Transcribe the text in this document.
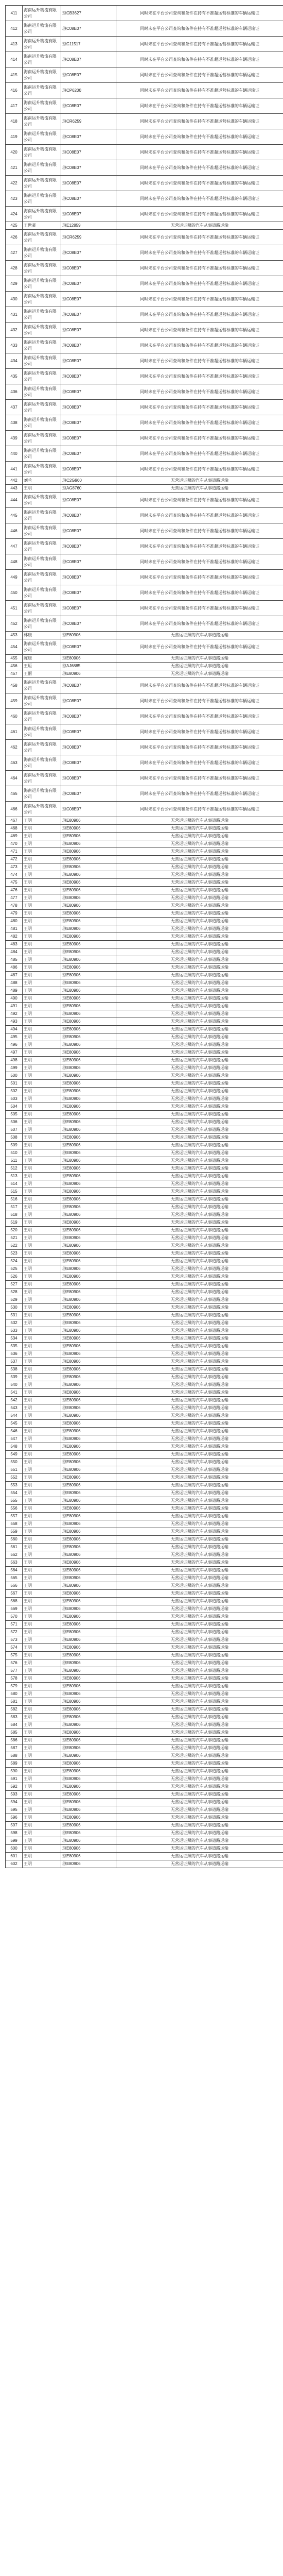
411	海南运升物流有限公司	琼CB3627	同时未在平台公司查询和条件在持有不准超运营标准的车辆运输证
412	海南运升物流有限公司	琼C08E07	同时未在平台公司查询和条件在持有不准超运营标准的车辆运输证
413	海南运升物流有限公司	琼C11517	同时未在平台公司查询和条件在持有不准超运营标准的车辆运输证
414	海南运升物流有限公司	琼C08E07	同时未在平台公司查询和条件在持有不准超运营标准的车辆运输证
415	海南运升物流有限公司	琼C08E07	同时未在平台公司查询和条件在持有不准超运营标准的车辆运输证
416	海南运升物流有限公司	琼CP6200	同时未在平台公司查询和条件在持有不准超运营标准的车辆运输证
417	海南运升物流有限公司	琼C08E07	同时未在平台公司查询和条件在持有不准超运营标准的车辆运输证
418	海南运升物流有限公司	琼CR6259	同时未在平台公司查询和条件在持有不准超运营标准的车辆运输证
419	海南运升物流有限公司	琼C08E07	同时未在平台公司查询和条件在持有不准超运营标准的车辆运输证
420	海南运升物流有限公司	琼C08E07	同时未在平台公司查询和条件在持有不准超运营标准的车辆运输证
421	海南运升物流有限公司	琼C08E07	同时未在平台公司查询和条件在持有不准超运营标准的车辆运输证
422	海南运升物流有限公司	琼C08E07	同时未在平台公司查询和条件在持有不准超运营标准的车辆运输证
423	海南运升物流有限公司	琼C08E07	同时未在平台公司查询和条件在持有不准超运营标准的车辆运输证
424	海南运升物流有限公司	琼C08E07	同时未在平台公司查询和条件在持有不准超运营标准的车辆运输证
425	王世豪	琼E12859	无营运证照的汽车从事道路运输
426	海南运升物流有限公司	琼CR6259	同时未在平台公司查询和条件在持有不准超运营标准的车辆运输证
427	海南运升物流有限公司	琼C08E07	同时未在平台公司查询和条件在持有不准超运营标准的车辆运输证
428	海南运升物流有限公司	琼C08E07	同时未在平台公司查询和条件在持有不准超运营标准的车辆运输证
429	海南运升物流有限公司	琼C08E07	同时未在平台公司查询和条件在持有不准超运营标准的车辆运输证
430	海南运升物流有限公司	琼C08E07	同时未在平台公司查询和条件在持有不准超运营标准的车辆运输证
431	海南运升物流有限公司	琼C08E07	同时未在平台公司查询和条件在持有不准超运营标准的车辆运输证
432	海南运升物流有限公司	琼C08E07	同时未在平台公司查询和条件在持有不准超运营标准的车辆运输证
433	海南运升物流有限公司	琼C08E07	同时未在平台公司查询和条件在持有不准超运营标准的车辆运输证
434	海南运升物流有限公司	琼C08E07	同时未在平台公司查询和条件在持有不准超运营标准的车辆运输证
435	海南运升物流有限公司	琼C08E07	同时未在平台公司查询和条件在持有不准超运营标准的车辆运输证
436	海南运升物流有限公司	琼C08E07	同时未在平台公司查询和条件在持有不准超运营标准的车辆运输证
437	海南运升物流有限公司	琼C08E07	同时未在平台公司查询和条件在持有不准超运营标准的车辆运输证
438	海南运升物流有限公司	琼C08E07	同时未在平台公司查询和条件在持有不准超运营标准的车辆运输证
439	海南运升物流有限公司	琼C08E07	同时未在平台公司查询和条件在持有不准超运营标准的车辆运输证
440	海南运升物流有限公司	琼C08E07	同时未在平台公司查询和条件在持有不准超运营标准的车辆运输证
441	海南运升物流有限公司	琼C08E07	同时未在平台公司查询和条件在持有不准超运营标准的车辆运输证
442	刘兰	琼C2G960	无营运证照的汽车从事道路运输
443	王明	琼AG8760	无营运证照的汽车从事道路运输
444	海南运升物流有限公司	琼C08E07	同时未在平台公司查询和条件在持有不准超运营标准的车辆运输证
445	海南运升物流有限公司	琼C08E07	同时未在平台公司查询和条件在持有不准超运营标准的车辆运输证
446	海南运升物流有限公司	琼C08E07	同时未在平台公司查询和条件在持有不准超运营标准的车辆运输证
447	海南运升物流有限公司	琼C08E07	同时未在平台公司查询和条件在持有不准超运营标准的车辆运输证
448	海南运升物流有限公司	琼C08E07	同时未在平台公司查询和条件在持有不准超运营标准的车辆运输证
449	海南运升物流有限公司	琼C08E07	同时未在平台公司查询和条件在持有不准超运营标准的车辆运输证
450	海南运升物流有限公司	琼C08E07	同时未在平台公司查询和条件在持有不准超运营标准的车辆运输证
451	海南运升物流有限公司	琼C08E07	同时未在平台公司查询和条件在持有不准超运营标准的车辆运输证
452	海南运升物流有限公司	琼C08E07	同时未在平台公司查询和条件在持有不准超运营标准的车辆运输证
453	林康	琼E80906	无营运证照的汽车从事道路运输
454	海南运升物流有限公司	琼C08E07	同时未在平台公司查询和条件在持有不准超运营标准的车辆运输证
455	陈康	琼E80906	无营运证照的汽车从事道路运输
456	王烜	琼AJ6885	无营运证照的汽车从事道路运输
457	王丽	琼E80906	无营运证照的汽车从事道路运输
458	海南运升物流有限公司	琼C08E07	同时未在平台公司查询和条件在持有不准超运营标准的车辆运输证
459	海南运升物流有限公司	琼C08E07	同时未在平台公司查询和条件在持有不准超运营标准的车辆运输证
460	海南运升物流有限公司	琼C08E07	同时未在平台公司查询和条件在持有不准超运营标准的车辆运输证
461	海南运升物流有限公司	琼C08E07	同时未在平台公司查询和条件在持有不准超运营标准的车辆运输证
462	海南运升物流有限公司	琼C08E07	同时未在平台公司查询和条件在持有不准超运营标准的车辆运输证
463	海南运升物流有限公司	琼C08E07	同时未在平台公司查询和条件在持有不准超运营标准的车辆运输证
464	海南运升物流有限公司	琼C08E07	同时未在平台公司查询和条件在持有不准超运营标准的车辆运输证
465	海南运升物流有限公司	琼C08E07	同时未在平台公司查询和条件在持有不准超运营标准的车辆运输证
466	海南运升物流有限公司	琼C08E07	同时未在平台公司查询和条件在持有不准超运营标准的车辆运输证
467	王明	琼E80906	无营运证照的汽车从事道路运输
468	王明	琼E80906	无营运证照的汽车从事道路运输
469	王明	琼E80906	无营运证照的汽车从事道路运输
470	王明	琼E80906	无营运证照的汽车从事道路运输
471	王明	琼E80906	无营运证照的汽车从事道路运输
472	王明	琼E80906	无营运证照的汽车从事道路运输
473	王明	琼E80906	无营运证照的汽车从事道路运输
474	王明	琼E80906	无营运证照的汽车从事道路运输
475	王明	琼E80906	无营运证照的汽车从事道路运输
476	王明	琼E80906	无营运证照的汽车从事道路运输
477	王明	琼E80906	无营运证照的汽车从事道路运输
478	王明	琼E80906	无营运证照的汽车从事道路运输
479	王明	琼E80906	无营运证照的汽车从事道路运输
480	王明	琼E80906	无营运证照的汽车从事道路运输
481	王明	琼E80906	无营运证照的汽车从事道路运输
482	王明	琼E80906	无营运证照的汽车从事道路运输
483	王明	琼E80906	无营运证照的汽车从事道路运输
484	王明	琼E80906	无营运证照的汽车从事道路运输
485	王明	琼E80906	无营运证照的汽车从事道路运输
486	王明	琼E80906	无营运证照的汽车从事道路运输
487	王明	琼E80906	无营运证照的汽车从事道路运输
488	王明	琼E80906	无营运证照的汽车从事道路运输
489	王明	琼E80906	无营运证照的汽车从事道路运输
490	王明	琼E80906	无营运证照的汽车从事道路运输
491	王明	琼E80906	无营运证照的汽车从事道路运输
492	王明	琼E80906	无营运证照的汽车从事道路运输
493	王明	琼E80906	无营运证照的汽车从事道路运输
494	王明	琼E80906	无营运证照的汽车从事道路运输
495	王明	琼E80906	无营运证照的汽车从事道路运输
496	王明	琼E80906	无营运证照的汽车从事道路运输
497	王明	琼E80906	无营运证照的汽车从事道路运输
498	王明	琼E80906	无营运证照的汽车从事道路运输
499	王明	琼E80906	无营运证照的汽车从事道路运输
500	王明	琼E80906	无营运证照的汽车从事道路运输
501	王明	琼E80906	无营运证照的汽车从事道路运输
502	王明	琼E80906	无营运证照的汽车从事道路运输
503	王明	琼E80906	无营运证照的汽车从事道路运输
504	王明	琼E80906	无营运证照的汽车从事道路运输
505	王明	琼E80906	无营运证照的汽车从事道路运输
506	王明	琼E80906	无营运证照的汽车从事道路运输
507	王明	琼E80906	无营运证照的汽车从事道路运输
508	王明	琼E80906	无营运证照的汽车从事道路运输
509	王明	琼E80906	无营运证照的汽车从事道路运输
510	王明	琼E80906	无营运证照的汽车从事道路运输
511	王明	琼E80906	无营运证照的汽车从事道路运输
512	王明	琼E80906	无营运证照的汽车从事道路运输
513	王明	琼E80906	无营运证照的汽车从事道路运输
514	王明	琼E80906	无营运证照的汽车从事道路运输
515	王明	琼E80906	无营运证照的汽车从事道路运输
516	王明	琼E80906	无营运证照的汽车从事道路运输
517	王明	琼E80906	无营运证照的汽车从事道路运输
518	王明	琼E80906	无营运证照的汽车从事道路运输
519	王明	琼E80906	无营运证照的汽车从事道路运输
520	王明	琼E80906	无营运证照的汽车从事道路运输
521	王明	琼E80906	无营运证照的汽车从事道路运输
522	王明	琼E80906	无营运证照的汽车从事道路运输
523	王明	琼E80906	无营运证照的汽车从事道路运输
524	王明	琼E80906	无营运证照的汽车从事道路运输
525	王明	琼E80906	无营运证照的汽车从事道路运输
526	王明	琼E80906	无营运证照的汽车从事道路运输
527	王明	琼E80906	无营运证照的汽车从事道路运输
528	王明	琼E80906	无营运证照的汽车从事道路运输
529	王明	琼E80906	无营运证照的汽车从事道路运输
530	王明	琼E80906	无营运证照的汽车从事道路运输
531	王明	琼E80906	无营运证照的汽车从事道路运输
532	王明	琼E80906	无营运证照的汽车从事道路运输
533	王明	琼E80906	无营运证照的汽车从事道路运输
534	王明	琼E80906	无营运证照的汽车从事道路运输
535	王明	琼E80906	无营运证照的汽车从事道路运输
536	王明	琼E80906	无营运证照的汽车从事道路运输
537	王明	琼E80906	无营运证照的汽车从事道路运输
538	王明	琼E80906	无营运证照的汽车从事道路运输
539	王明	琼E80906	无营运证照的汽车从事道路运输
540	王明	琼E80906	无营运证照的汽车从事道路运输
541	王明	琼E80906	无营运证照的汽车从事道路运输
542	王明	琼E80906	无营运证照的汽车从事道路运输
543	王明	琼E80906	无营运证照的汽车从事道路运输
544	王明	琼E80906	无营运证照的汽车从事道路运输
545	王明	琼E80906	无营运证照的汽车从事道路运输
546	王明	琼E80906	无营运证照的汽车从事道路运输
547	王明	琼E80906	无营运证照的汽车从事道路运输
548	王明	琼E80906	无营运证照的汽车从事道路运输
549	王明	琼E80906	无营运证照的汽车从事道路运输
550	王明	琼E80906	无营运证照的汽车从事道路运输
551	王明	琼E80906	无营运证照的汽车从事道路运输
552	王明	琼E80906	无营运证照的汽车从事道路运输
553	王明	琼E80906	无营运证照的汽车从事道路运输
554	王明	琼E80906	无营运证照的汽车从事道路运输
555	王明	琼E80906	无营运证照的汽车从事道路运输
556	王明	琼E80906	无营运证照的汽车从事道路运输
557	王明	琼E80906	无营运证照的汽车从事道路运输
558	王明	琼E80906	无营运证照的汽车从事道路运输
559	王明	琼E80906	无营运证照的汽车从事道路运输
560	王明	琼E80906	无营运证照的汽车从事道路运输
561	王明	琼E80906	无营运证照的汽车从事道路运输
562	王明	琼E80906	无营运证照的汽车从事道路运输
563	王明	琼E80906	无营运证照的汽车从事道路运输
564	王明	琼E80906	无营运证照的汽车从事道路运输
565	王明	琼E80906	无营运证照的汽车从事道路运输
566	王明	琼E80906	无营运证照的汽车从事道路运输
567	王明	琼E80906	无营运证照的汽车从事道路运输
568	王明	琼E80906	无营运证照的汽车从事道路运输
569	王明	琼E80906	无营运证照的汽车从事道路运输
570	王明	琼E80906	无营运证照的汽车从事道路运输
571	王明	琼E80906	无营运证照的汽车从事道路运输
572	王明	琼E80906	无营运证照的汽车从事道路运输
573	王明	琼E80906	无营运证照的汽车从事道路运输
574	王明	琼E80906	无营运证照的汽车从事道路运输
575	王明	琼E80906	无营运证照的汽车从事道路运输
576	王明	琼E80906	无营运证照的汽车从事道路运输
577	王明	琼E80906	无营运证照的汽车从事道路运输
578	王明	琼E80906	无营运证照的汽车从事道路运输
579	王明	琼E80906	无营运证照的汽车从事道路运输
580	王明	琼E80906	无营运证照的汽车从事道路运输
581	王明	琼E80906	无营运证照的汽车从事道路运输
582	王明	琼E80906	无营运证照的汽车从事道路运输
583	王明	琼E80906	无营运证照的汽车从事道路运输
584	王明	琼E80906	无营运证照的汽车从事道路运输
585	王明	琼E80906	无营运证照的汽车从事道路运输
586	王明	琼E80906	无营运证照的汽车从事道路运输
587	王明	琼E80906	无营运证照的汽车从事道路运输
588	王明	琼E80906	无营运证照的汽车从事道路运输
589	王明	琼E80906	无营运证照的汽车从事道路运输
590	王明	琼E80906	无营运证照的汽车从事道路运输
591	王明	琼E80906	无营运证照的汽车从事道路运输
592	王明	琼E80906	无营运证照的汽车从事道路运输
593	王明	琼E80906	无营运证照的汽车从事道路运输
594	王明	琼E80906	无营运证照的汽车从事道路运输
595	王明	琼E80906	无营运证照的汽车从事道路运输
596	王明	琼E80906	无营运证照的汽车从事道路运输
597	王明	琼E80906	无营运证照的汽车从事道路运输
598	王明	琼E80906	无营运证照的汽车从事道路运输
599	王明	琼E80906	无营运证照的汽车从事道路运输
600	王明	琼E80906	无营运证照的汽车从事道路运输
601	王明	琼E80906	无营运证照的汽车从事道路运输
602	王明	琼E80906	无营运证照的汽车从事道路运输
